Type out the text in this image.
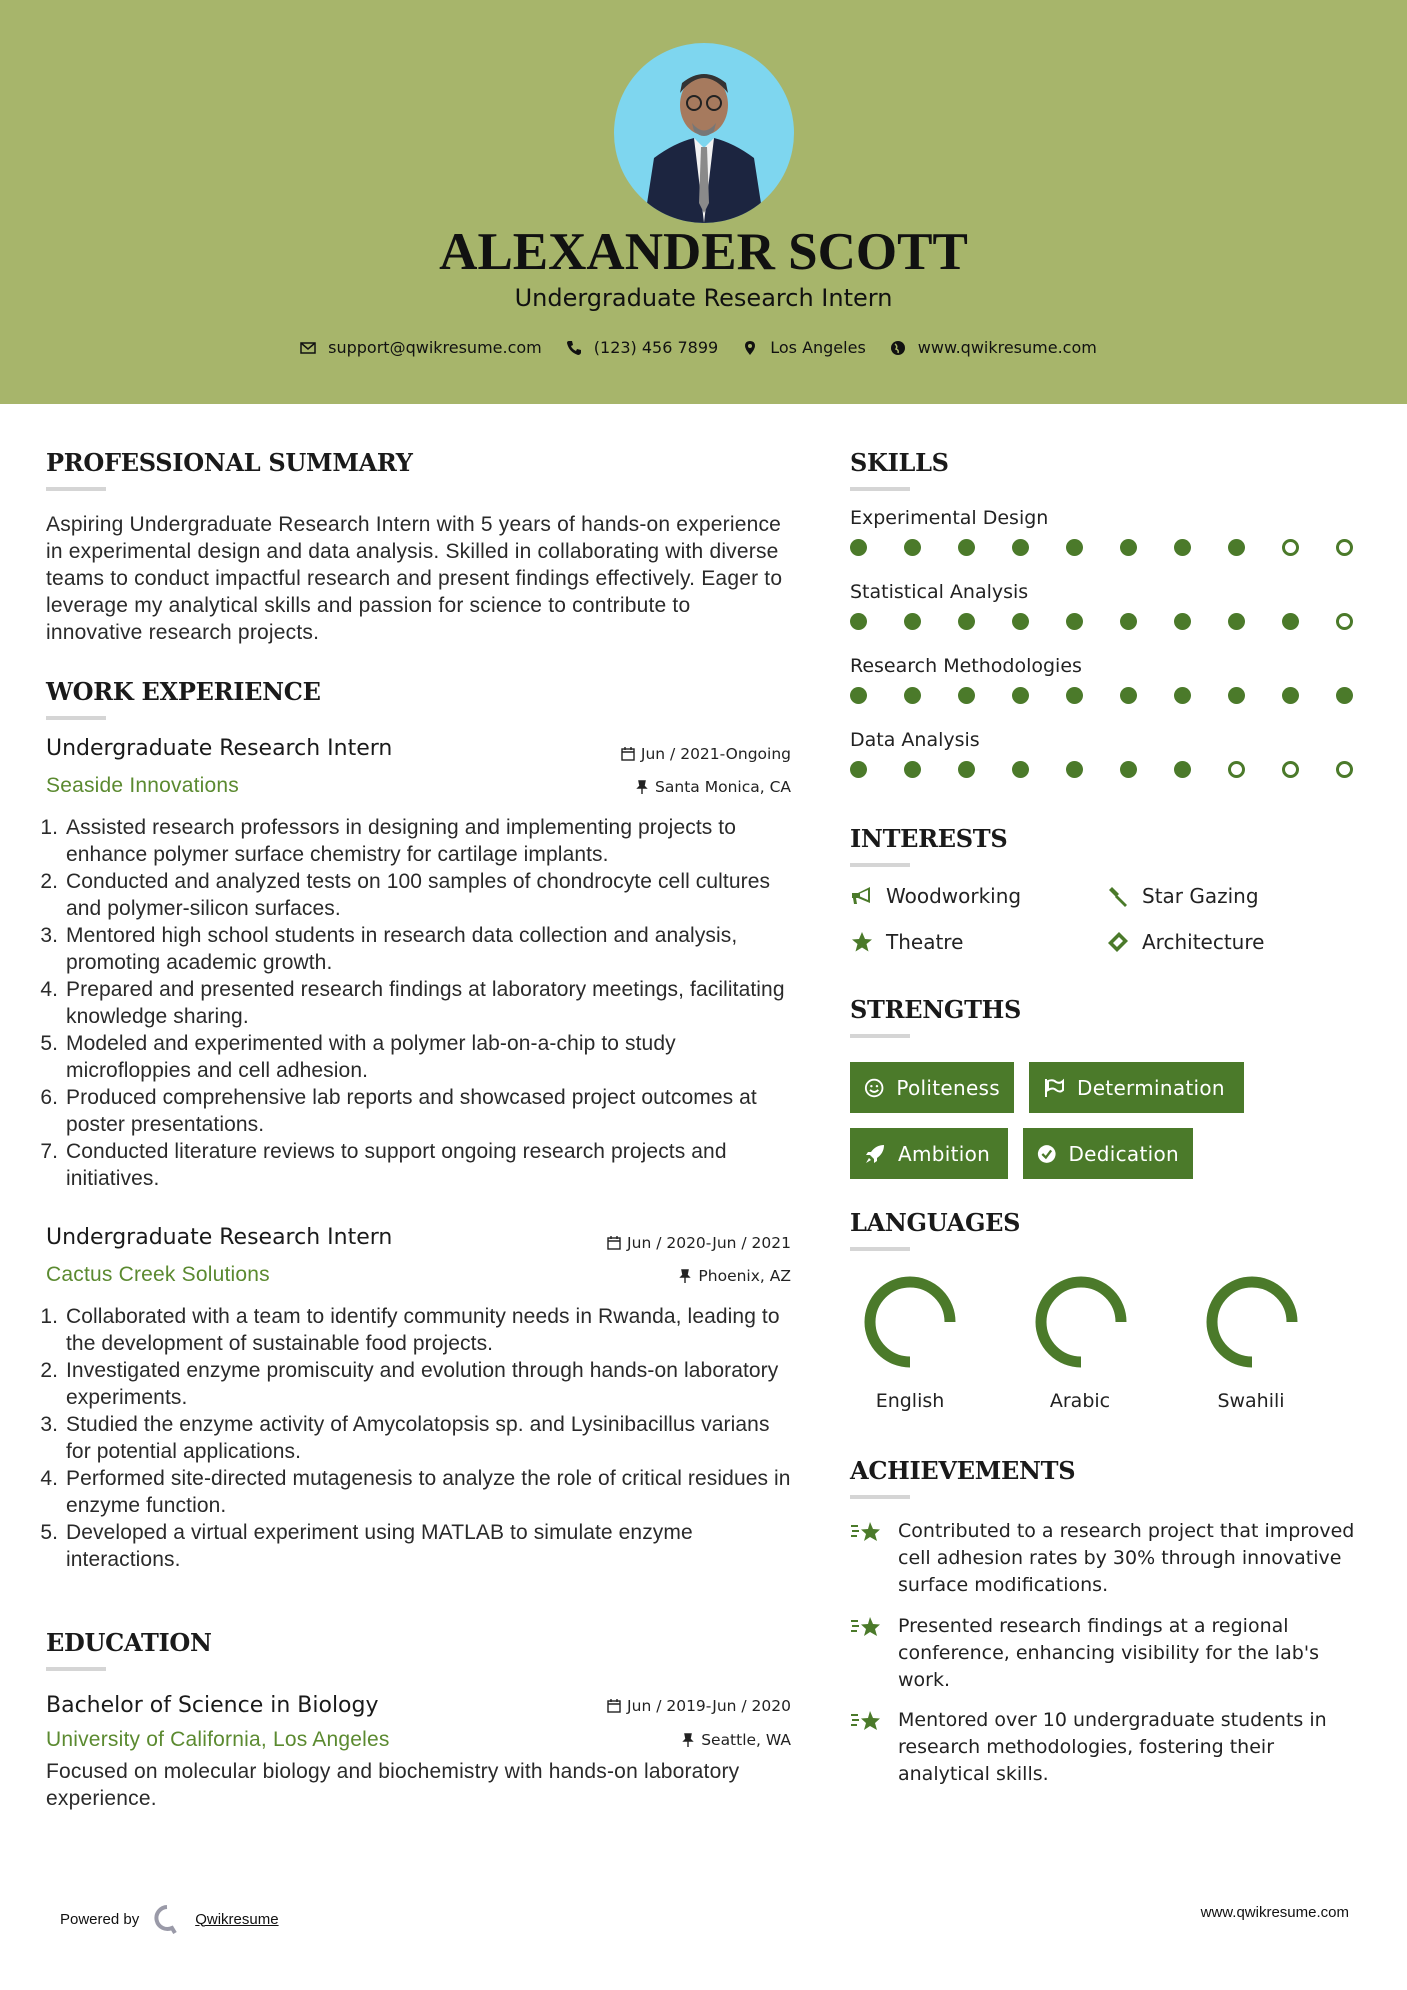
ALEXANDER SCOTT
Undergraduate Research Intern
support@qwikresume.com	(123) 456 7899	Los Angeles	www.qwikresume.com
PROFESSIONAL SUMMARY
Aspiring Undergraduate Research Intern with 5 years of hands-on experience in experimental design and data analysis. Skilled in collaborating with diverse teams to conduct impactful research and present findings effectively. Eager to leverage my analytical skills and passion for science to contribute to innovative research projects.
WORK EXPERIENCE
Undergraduate Research Intern	Jun / 2021-Ongoing
Seaside Innovations	Santa Monica, CA
1. Assisted research professors in designing and implementing projects to enhance polymer surface chemistry for cartilage implants.
2. Conducted and analyzed tests on 100 samples of chondrocyte cell cultures and polymer-silicon surfaces.
3. Mentored high school students in research data collection and analysis, promoting academic growth.
4. Prepared and presented research findings at laboratory meetings, facilitating knowledge sharing.
5. Modeled and experimented with a polymer lab-on-a-chip to study microfloppies and cell adhesion.
6. Produced comprehensive lab reports and showcased project outcomes at poster presentations.
7. Conducted literature reviews to support ongoing research projects and initiatives.
Undergraduate Research Intern	Jun / 2020-Jun / 2021
Cactus Creek Solutions	Phoenix, AZ
1. Collaborated with a team to identify community needs in Rwanda, leading to the development of sustainable food projects.
2. Investigated enzyme promiscuity and evolution through hands-on laboratory experiments.
3. Studied the enzyme activity of Amycolatopsis sp. and Lysinibacillus varians for potential applications.
4. Performed site-directed mutagenesis to analyze the role of critical residues in enzyme function.
5. Developed a virtual experiment using MATLAB to simulate enzyme interactions.
EDUCATION
Bachelor of Science in Biology	Jun / 2019-Jun / 2020
University of California, Los Angeles	Seattle, WA
Focused on molecular biology and biochemistry with hands-on laboratory experience.
SKILLS
Experimental Design
Statistical Analysis
Research Methodologies
Data Analysis
INTERESTS
Woodworking	Star Gazing
Theatre	Architecture
STRENGTHS
Politeness	Determination
Ambition	Dedication
LANGUAGES
English	Arabic	Swahili
ACHIEVEMENTS
Contributed to a research project that improved cell adhesion rates by 30% through innovative surface modifications.
Presented research findings at a regional conference, enhancing visibility for the lab's work.
Mentored over 10 undergraduate students in research methodologies, fostering their analytical skills.
Powered by	Qwikresume	www.qwikresume.com
